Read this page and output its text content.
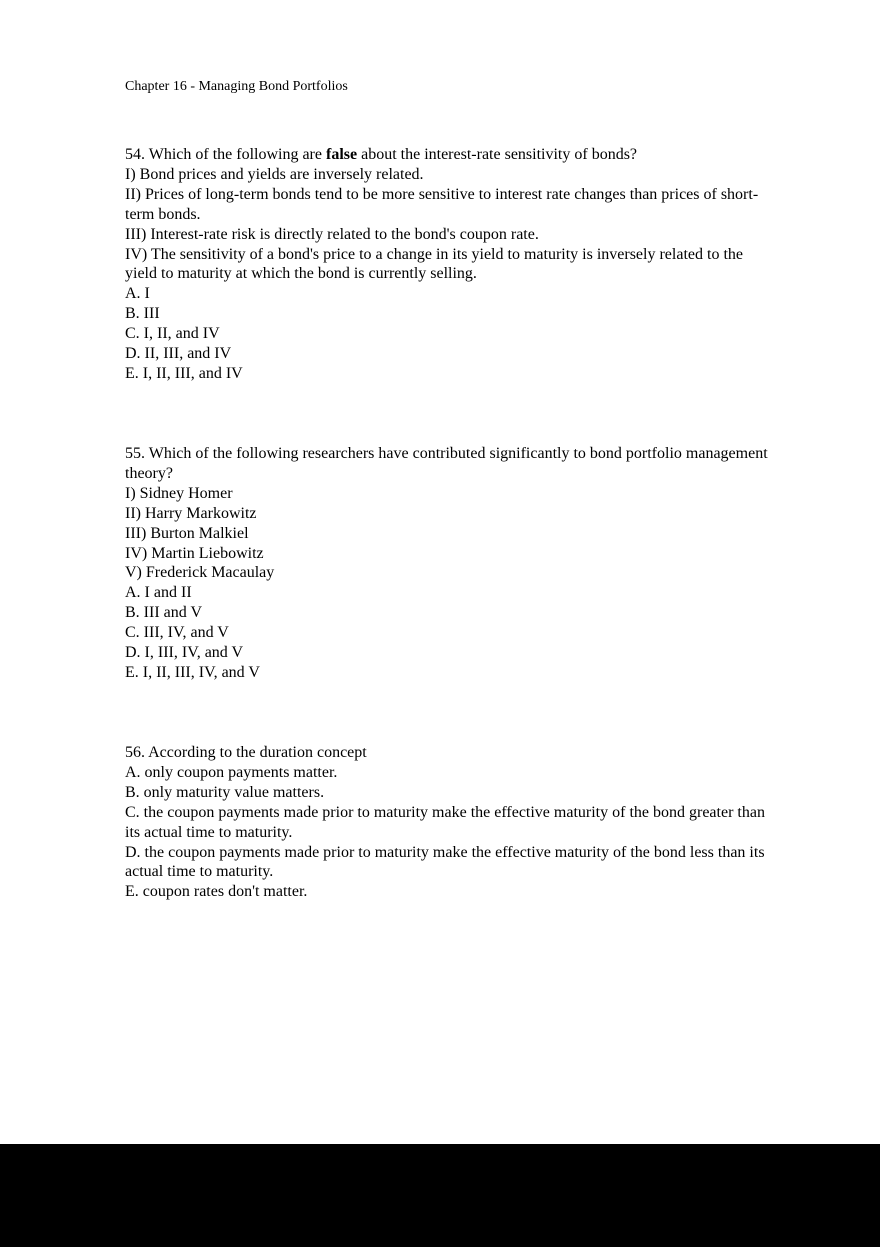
Chapter 16 - Managing Bond Portfolios
54. Which of the following are false about the interest-rate sensitivity of bonds?
I) Bond prices and yields are inversely related.
II) Prices of long-term bonds tend to be more sensitive to interest rate changes than prices of short-term bonds.
III) Interest-rate risk is directly related to the bond's coupon rate.
IV) The sensitivity of a bond's price to a change in its yield to maturity is inversely related to the yield to maturity at which the bond is currently selling.
A. I
B. III
C. I, II, and IV
D. II, III, and IV
E. I, II, III, and IV
55. Which of the following researchers have contributed significantly to bond portfolio management theory?
I) Sidney Homer
II) Harry Markowitz
III) Burton Malkiel
IV) Martin Liebowitz
V) Frederick Macaulay
A. I and II
B. III and V
C. III, IV, and V
D. I, III, IV, and V
E. I, II, III, IV, and V
56. According to the duration concept
A. only coupon payments matter.
B. only maturity value matters.
C. the coupon payments made prior to maturity make the effective maturity of the bond greater than its actual time to maturity.
D. the coupon payments made prior to maturity make the effective maturity of the bond less than its actual time to maturity.
E. coupon rates don't matter.
